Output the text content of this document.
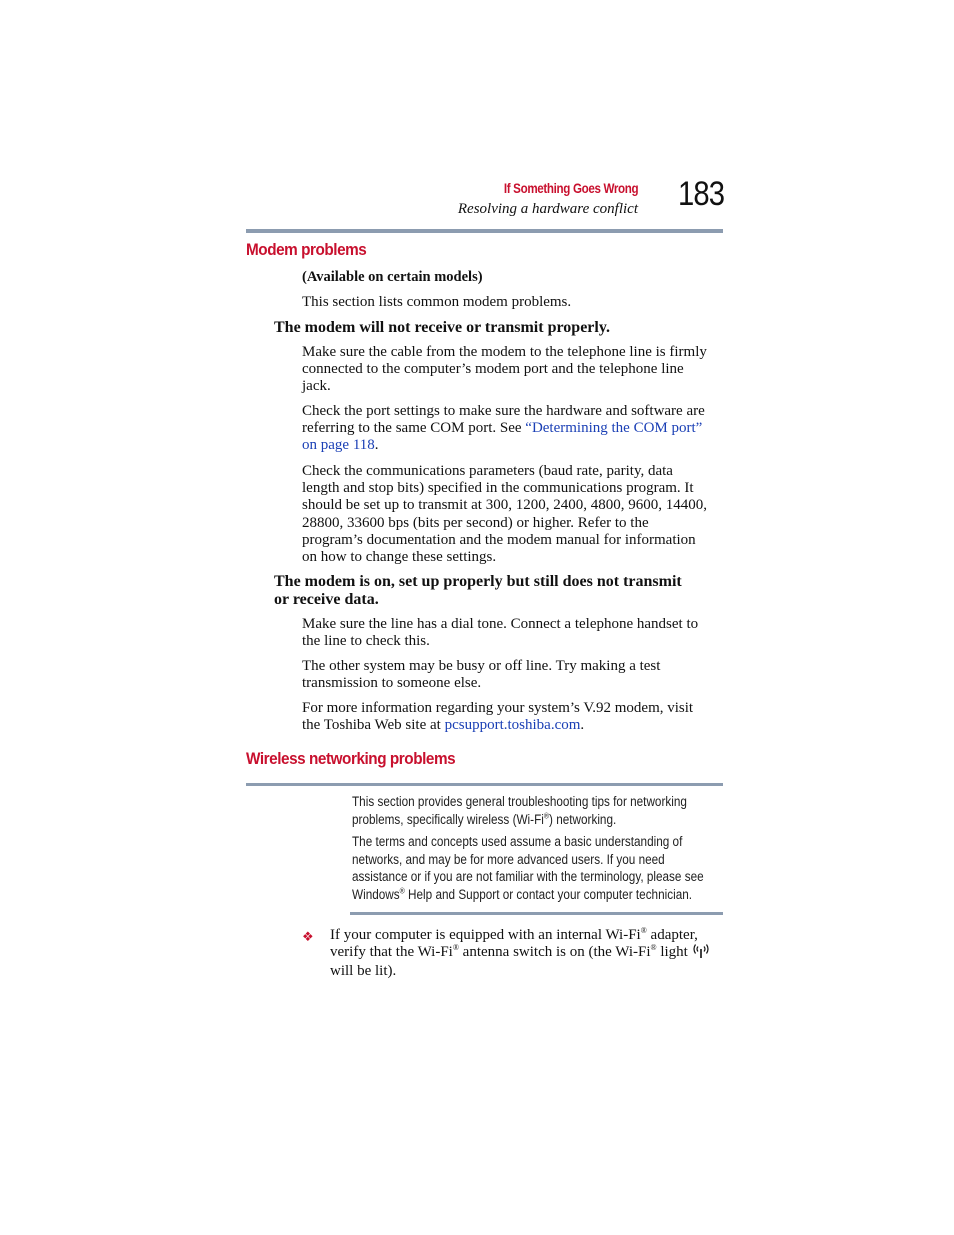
If Something Goes Wrong
Resolving a hardware conflict 183
Modem problems
(Available on certain models)
This section lists common modem problems.
The modem will not receive or transmit properly.
Make sure the cable from the modem to the telephone line is firmly
connected to the computer’s modem port and the telephone line
jack.
Check the port settings to make sure the hardware and software are
referring to the same COM port. See “Determining the COM port”
on page 118.
Check the communications parameters (baud rate, parity, data
length and stop bits) specified in the communications program. It
should be set up to transmit at 300, 1200, 2400, 4800, 9600, 14400,
28800, 33600 bps (bits per second) or higher. Refer to the
program’s documentation and the modem manual for information
on how to change these settings.
The modem is on, set up properly but still does not transmit
or receive data.
Make sure the line has a dial tone. Connect a telephone handset to
the line to check this.
The other system may be busy or off line. Try making a test
transmission to someone else.
For more information regarding your system’s V.92 modem, visit
the Toshiba Web site at pcsupport.toshiba.com.
Wireless networking problems
This section provides general troubleshooting tips for networking
problems, specifically wireless (Wi-Fi®) networking.
The terms and concepts used assume a basic understanding of
networks, and may be for more advanced users. If you need
assistance or if you are not familiar with the terminology, please see
Windows® Help and Support or contact your computer technician.
❖ If your computer is equipped with an internal Wi-Fi® adapter,
verify that the Wi-Fi® antenna switch is on (the Wi-Fi® light
will be lit).
